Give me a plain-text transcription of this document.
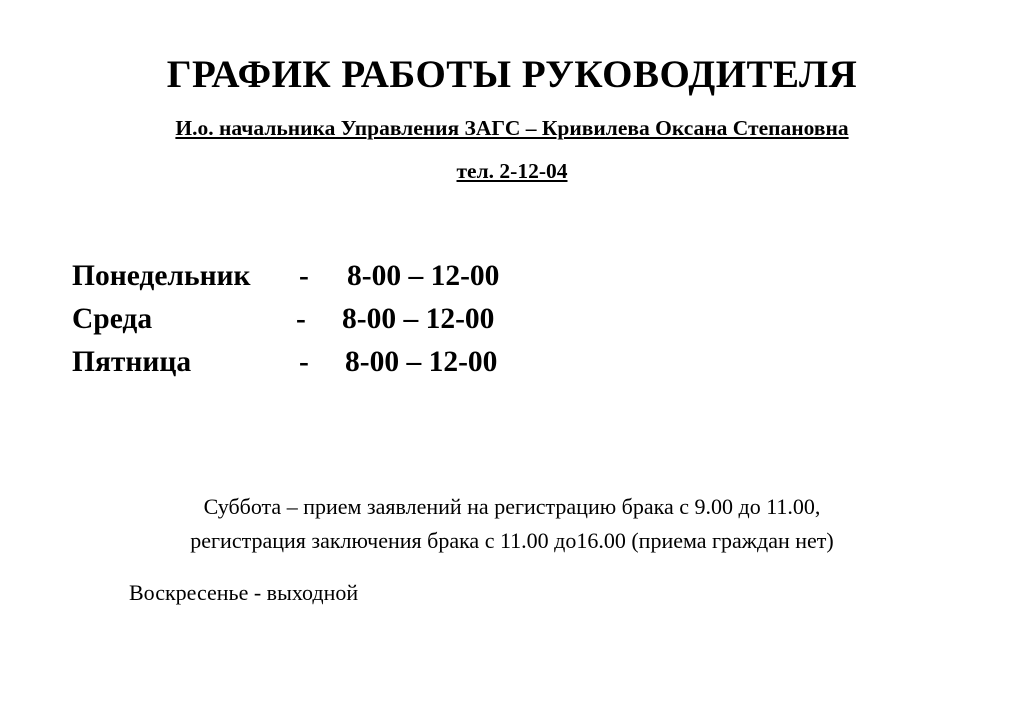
ГРАФИК РАБОТЫ РУКОВОДИТЕЛЯ
И.о. начальника Управления ЗАГС – Кривилева Оксана Степановна
тел. 2-12-04
Понедельник - 8-00 – 12-00
Среда	- 8-00 – 12-00
Пятница	- 8-00 – 12-00
Суббота – прием заявлений на регистрацию брака с 9.00 до 11.00,
регистрация заключения брака с 11.00 до16.00 (приема граждан нет)
Воскресенье - выходной
